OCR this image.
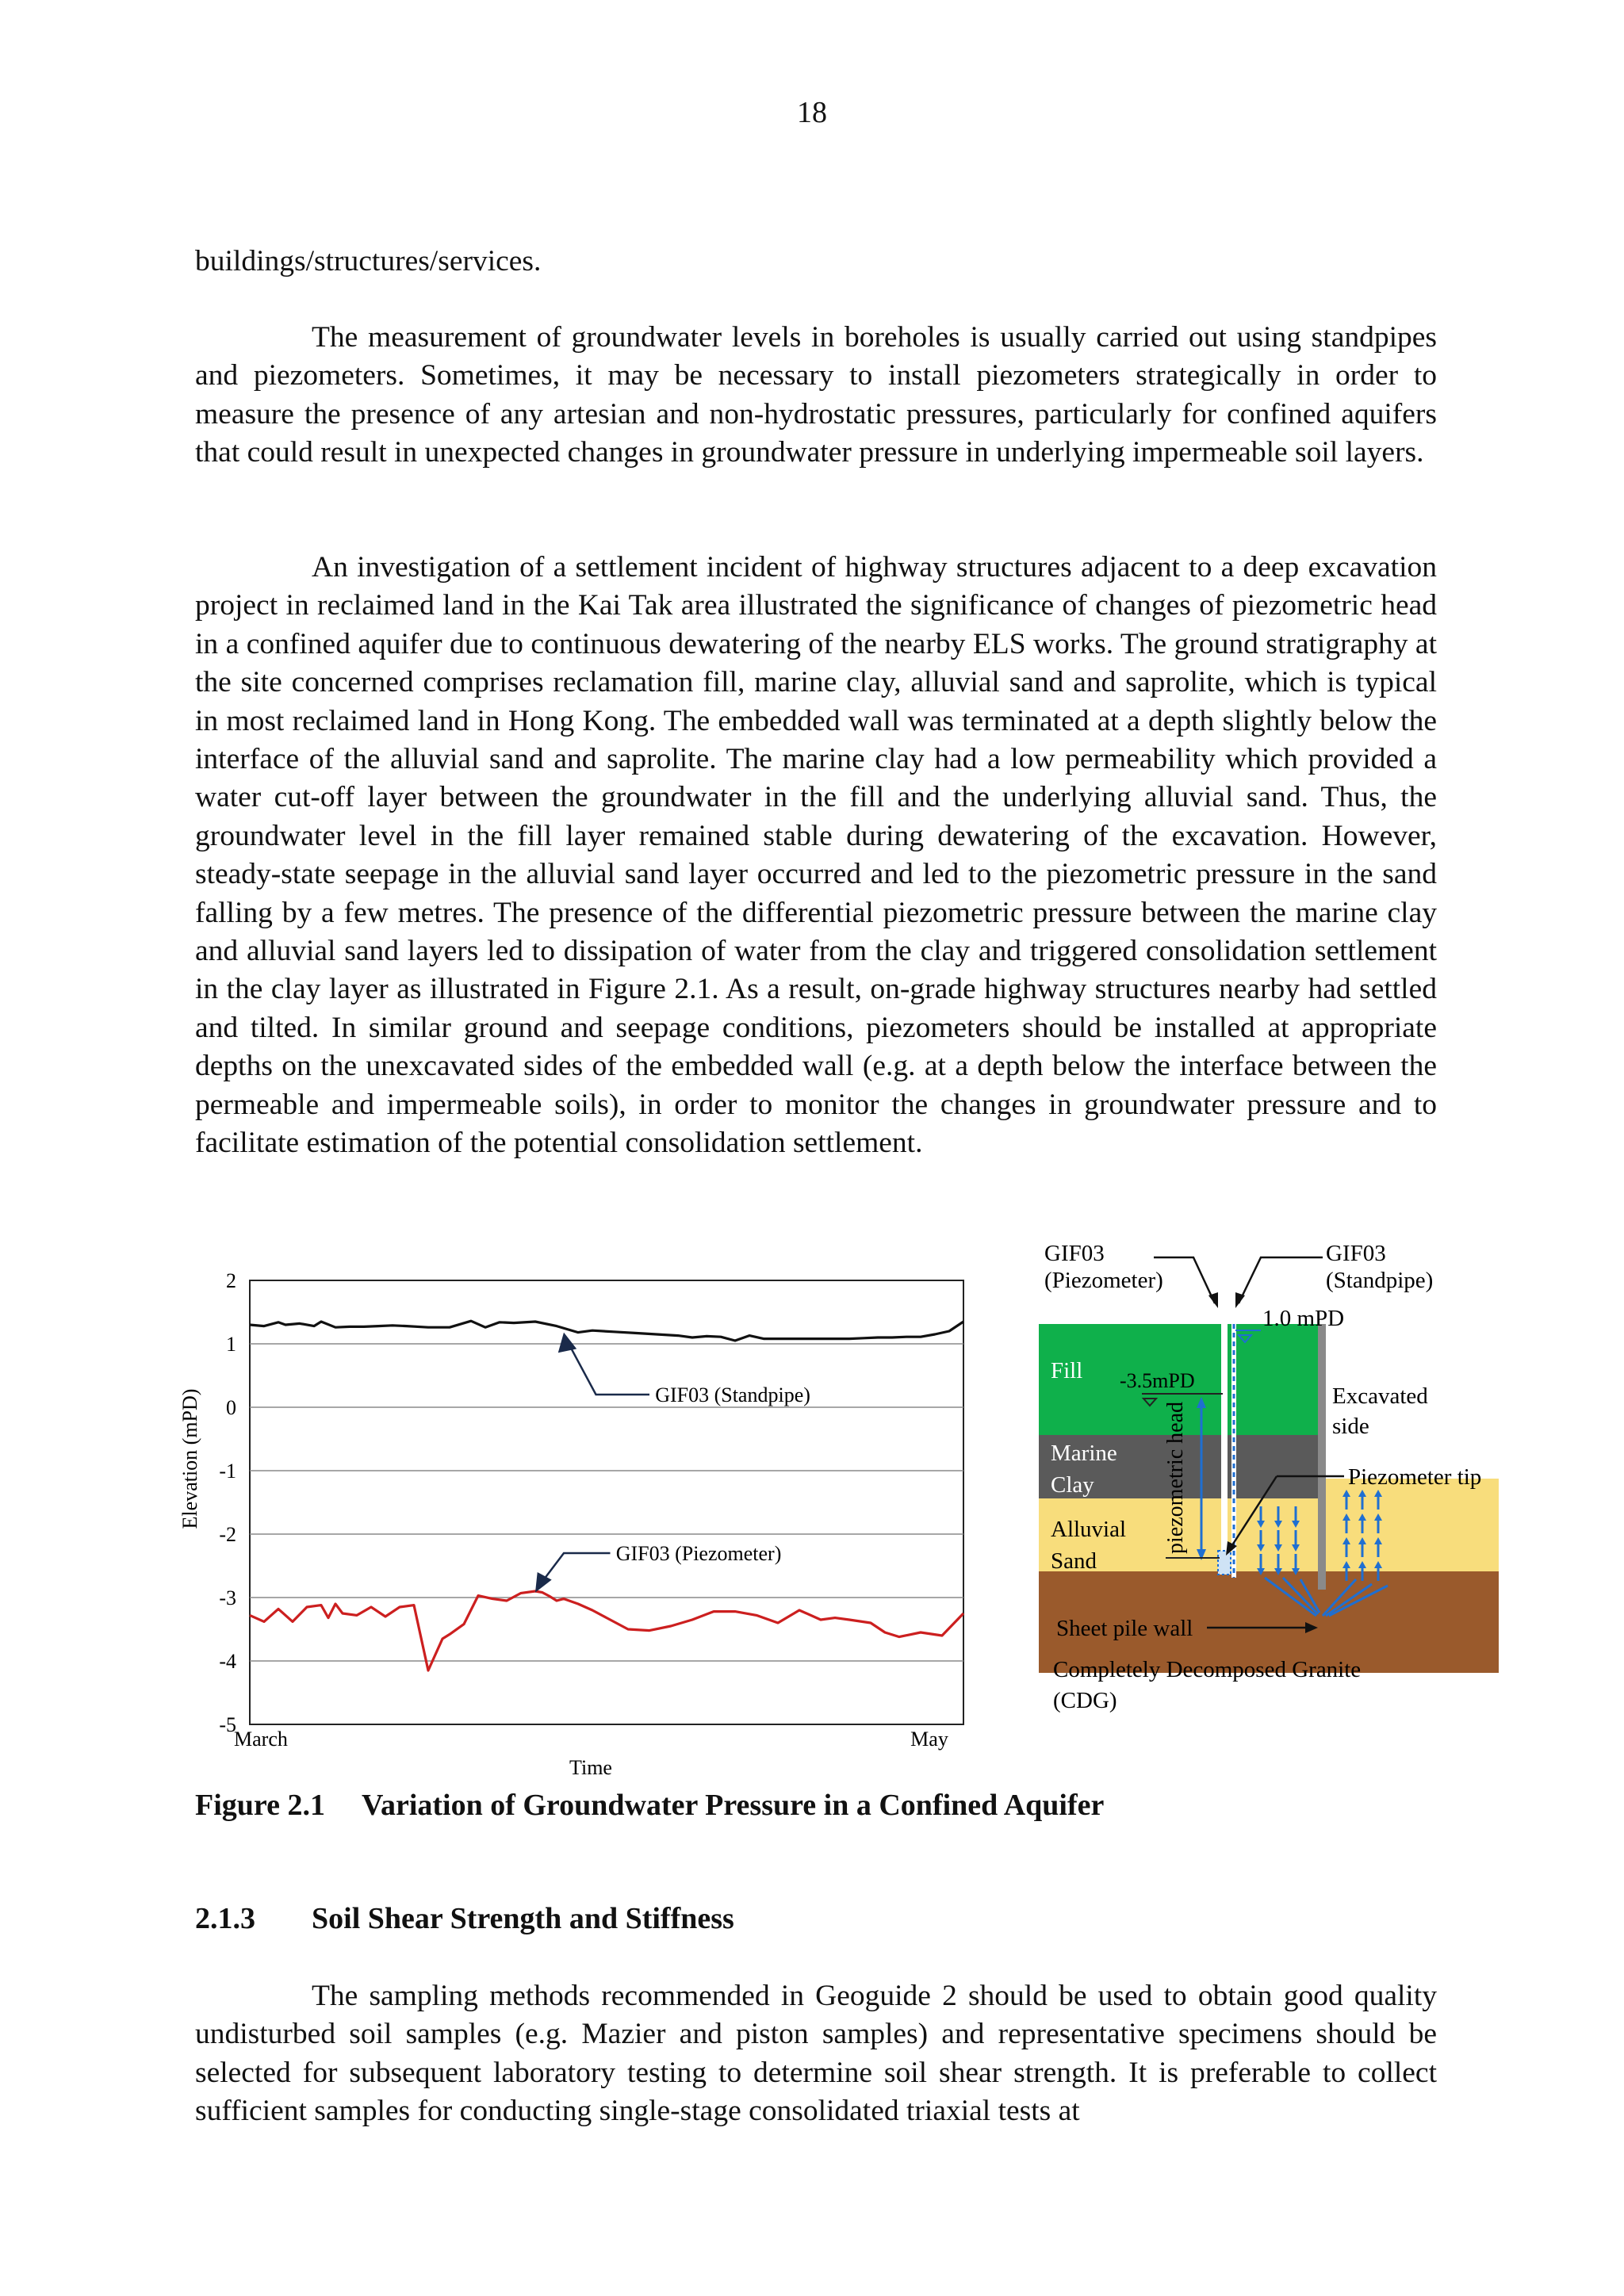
18

buildings/structures/services.

The measurement of groundwater levels in boreholes is usually carried out using standpipes and piezometers. Sometimes, it may be necessary to install piezometers strategically in order to measure the presence of any artesian and non-hydrostatic pressures, particularly for confined aquifers that could result in unexpected changes in groundwater pressure in underlying impermeable soil layers.

An investigation of a settlement incident of highway structures adjacent to a deep excavation project in reclaimed land in the Kai Tak area illustrated the significance of changes of piezometric head in a confined aquifer due to continuous dewatering of the nearby ELS works. The ground stratigraphy at the site concerned comprises reclamation fill, marine clay, alluvial sand and saprolite, which is typical in most reclaimed land in Hong Kong. The embedded wall was terminated at a depth slightly below the interface of the alluvial sand and saprolite. The marine clay had a low permeability which provided a water cut-off layer between the groundwater in the fill and the underlying alluvial sand. Thus, the groundwater level in the fill layer remained stable during dewatering of the excavation. However, steady-state seepage in the alluvial sand layer occurred and led to the piezometric pressure in the sand falling by a few metres. The presence of the differential piezometric pressure between the marine clay and alluvial sand layers led to dissipation of water from the clay and triggered consolidation settlement in the clay layer as illustrated in Figure 2.1. As a result, on-grade highway structures nearby had settled and tilted. In similar ground and seepage conditions, piezometers should be installed at appropriate depths on the unexcavated sides of the embedded wall (e.g. at a depth below the interface between the permeable and impermeable soils), in order to monitor the changes in groundwater pressure and to facilitate estimation of the potential consolidation settlement.

2
1
0
-1
-2
-3
-4
-5
GIF03 (Standpipe)
GIF03 (Piezometer)
Elevation (mPD)
March	May
Time
piezometric head
GIF03
(Piezometer)
GIF03
(Standpipe)
1.0 mPD
-3.5mPD
Fill
Marine
Clay
Alluvial
Sand
Excavated
side
Piezometer tip
Sheet pile wall
Completely Decomposed Granite
(CDG)

Figure 2.1 Variation of Groundwater Pressure in a Confined Aquifer

2.1.3 Soil Shear Strength and Stiffness

The sampling methods recommended in Geoguide 2 should be used to obtain good quality undisturbed soil samples (e.g. Mazier and piston samples) and representative specimens should be selected for subsequent laboratory testing to determine soil shear strength. It is preferable to collect sufficient samples for conducting single-stage consolidated triaxial tests at
